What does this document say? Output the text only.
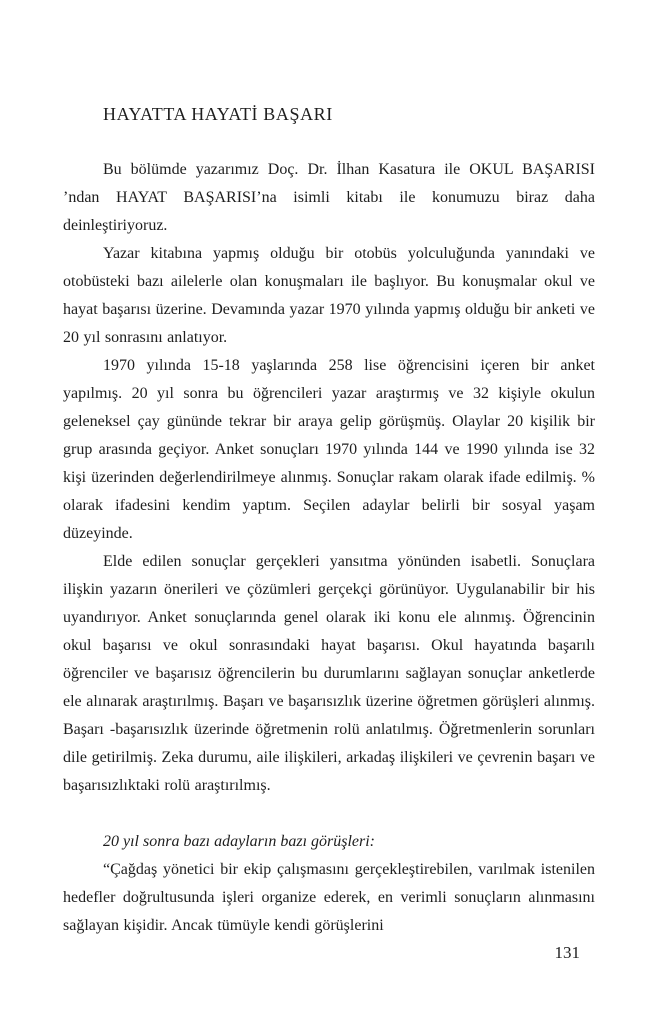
HAYATTA HAYATİ BAŞARI

Bu bölümde yazarımız Doç. Dr. İlhan Kasatura ile OKUL BAŞARISI ’ndan HAYAT BAŞARISI’na isimli kitabı ile konumuzu biraz daha deinleştiriyoruz.

Yazar kitabına yapmış olduğu bir otobüs yolculuğunda yanındaki ve otobüsteki bazı ailelerle olan konuşmaları ile başlıyor. Bu konuşmalar okul ve hayat başarısı üzerine. Devamında yazar 1970 yılında yapmış olduğu bir anketi ve 20 yıl sonrasını anlatıyor.

1970 yılında 15-18 yaşlarında 258 lise öğrencisini içeren bir anket yapılmış. 20 yıl sonra bu öğrencileri yazar araştırmış ve 32 kişiyle okulun geleneksel çay gününde tekrar bir araya gelip görüşmüş. Olaylar 20 kişilik bir grup arasında geçiyor. Anket sonuçları 1970 yılında 144 ve 1990 yılında ise 32 kişi üzerinden değerlendirilmeye alınmış. Sonuçlar rakam olarak ifade edilmiş. % olarak ifadesini kendim yaptım. Seçilen adaylar belirli bir sosyal yaşam düzeyinde.

Elde edilen sonuçlar gerçekleri yansıtma yönünden isabetli. Sonuçlara ilişkin yazarın önerileri ve çözümleri gerçekçi görünüyor. Uygulanabilir bir his uyandırıyor. Anket sonuçlarında genel olarak iki konu ele alınmış. Öğrencinin okul başarısı ve okul sonrasındaki hayat başarısı. Okul hayatında başarılı öğrenciler ve başarısız öğrencilerin bu durumlarını sağlayan sonuçlar anketlerde ele alınarak araştırılmış. Başarı ve başarısızlık üzerine öğretmen görüşleri alınmış. Başarı -başarısızlık üzerinde öğretmenin rolü anlatılmış. Öğretmenlerin sorunları dile getirilmiş. Zeka durumu, aile ilişkileri, arkadaş ilişkileri ve çevrenin başarı ve başarısızlıktaki rolü araştırılmış.

20 yıl sonra bazı adayların bazı görüşleri:

“Çağdaş yönetici bir ekip çalışmasını gerçekleştirebilen, varılmak istenilen hedefler doğrultusunda işleri organize ederek, en verimli sonuçların alınmasını sağlayan kişidir. Ancak tümüyle kendi görüşlerini

131
